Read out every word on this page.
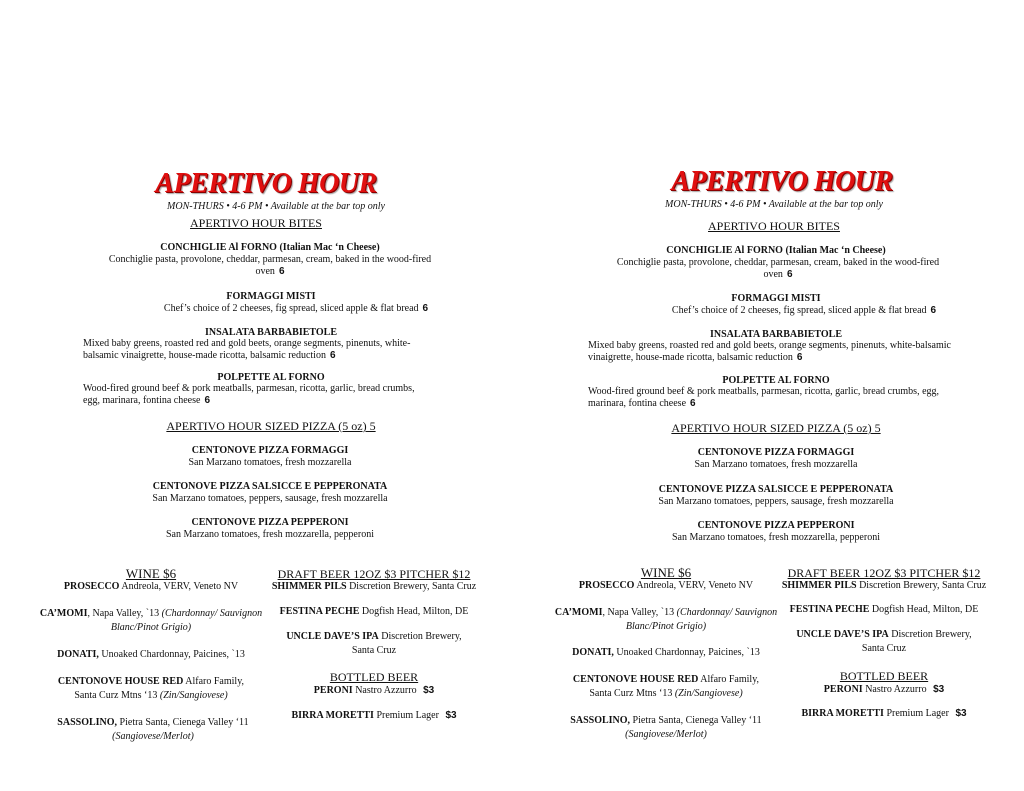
APERTIVO HOUR
MON-THURS • 4-6 PM • Available at the bar top only
APERTIVO HOUR BITES
CONCHIGLIE Al FORNO (Italian Mac ‘n Cheese)
Conchiglie pasta, provolone, cheddar, parmesan, cream, baked in the wood-fired oven 6
FORMAGGI MISTI
Chef’s choice of 2 cheeses, fig spread, sliced apple & flat bread 6
INSALATA BARBABIETOLE
Mixed baby greens, roasted red and gold beets, orange segments, pinenuts, white-balsamic vinaigrette, house-made ricotta, balsamic reduction 6
POLPETTE AL FORNO
Wood-fired ground beef & pork meatballs, parmesan, ricotta, garlic, bread crumbs, egg, marinara, fontina cheese 6
APERTIVO HOUR SIZED PIZZA (5 oz) 5
CENTONOVE PIZZA FORMAGGI
San Marzano tomatoes, fresh mozzarella
CENTONOVE PIZZA SALSICCE E PEPPERONATA
San Marzano tomatoes, peppers, sausage, fresh mozzarella
CENTONOVE PIZZA PEPPERONI
San Marzano tomatoes, fresh mozzarella, pepperoni
WINE $6
PROSECCO Andreola, VERV, Veneto NV
CA’MOMI, Napa Valley, `13 (Chardonnay/ Sauvignon Blanc/Pinot Grigio)
DONATI, Unoaked Chardonnay, Paicines, `13
CENTONOVE HOUSE RED Alfaro Family,
Santa Curz Mtns ‘13 (Zin/Sangiovese)
SASSOLINO, Pietra Santa, Cienega Valley ‘11
(Sangiovese/Merlot)
DRAFT BEER 12OZ $3 PITCHER $12
SHIMMER PILS Discretion Brewery, Santa Cruz
FESTINA PECHE Dogfish Head, Milton, DE
UNCLE DAVE’S IPA Discretion Brewery,
Santa Cruz
BOTTLED BEER
PERONI Nastro Azzurro $3
BIRRA MORETTI Premium Lager $3
APERTIVO HOUR
MON-THURS • 4-6 PM • Available at the bar top only
APERTIVO HOUR BITES
CONCHIGLIE Al FORNO (Italian Mac ‘n Cheese)
Conchiglie pasta, provolone, cheddar, parmesan, cream, baked in the wood-fired oven 6
FORMAGGI MISTI
Chef’s choice of 2 cheeses, fig spread, sliced apple & flat bread 6
INSALATA BARBABIETOLE
Mixed baby greens, roasted red and gold beets, orange segments, pinenuts, white-balsamic vinaigrette, house-made ricotta, balsamic reduction 6
POLPETTE AL FORNO
Wood-fired ground beef & pork meatballs, parmesan, ricotta, garlic, bread crumbs, egg, marinara, fontina cheese 6
APERTIVO HOUR SIZED PIZZA (5 oz) 5
CENTONOVE PIZZA FORMAGGI
San Marzano tomatoes, fresh mozzarella
CENTONOVE PIZZA SALSICCE E PEPPERONATA
San Marzano tomatoes, peppers, sausage, fresh mozzarella
CENTONOVE PIZZA PEPPERONI
San Marzano tomatoes, fresh mozzarella, pepperoni
WINE $6
PROSECCO Andreola, VERV, Veneto NV
CA’MOMI, Napa Valley, `13 (Chardonnay/ Sauvignon Blanc/Pinot Grigio)
DONATI, Unoaked Chardonnay, Paicines, `13
CENTONOVE HOUSE RED Alfaro Family,
Santa Curz Mtns ‘13 (Zin/Sangiovese)
SASSOLINO, Pietra Santa, Cienega Valley ‘11
(Sangiovese/Merlot)
DRAFT BEER 12OZ $3 PITCHER $12
SHIMMER PILS Discretion Brewery, Santa Cruz
FESTINA PECHE Dogfish Head, Milton, DE
UNCLE DAVE’S IPA Discretion Brewery,
Santa Cruz
BOTTLED BEER
PERONI Nastro Azzurro $3
BIRRA MORETTI Premium Lager $3
